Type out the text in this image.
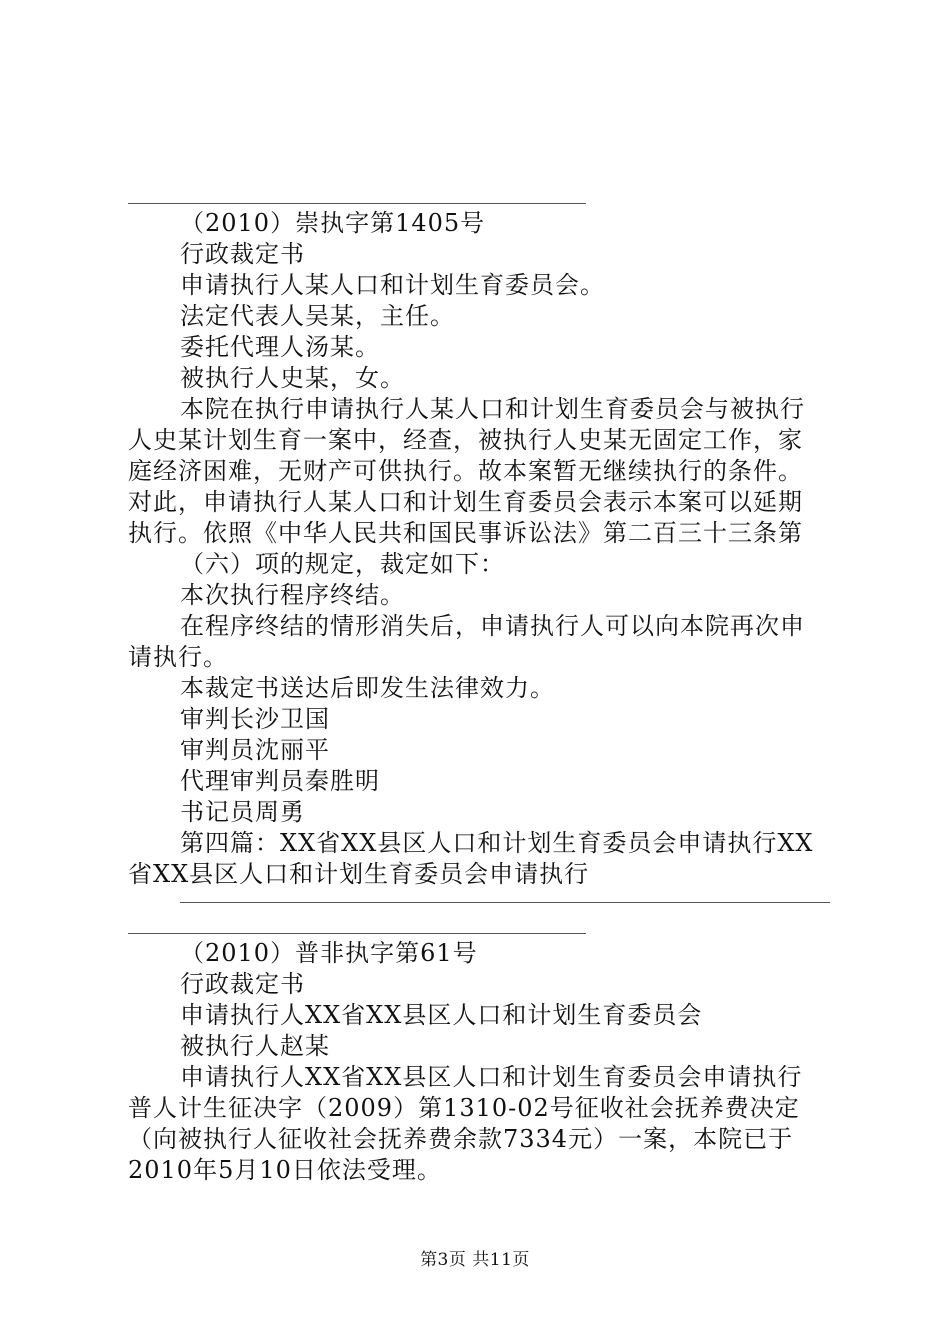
（2010）崇执字第1405号
行政裁定书
申请执行人某人口和计划生育委员会。
法定代表人吴某，主任。
委托代理人汤某。
被执行人史某，女。
本院在执行申请执行人某人口和计划生育委员会与被执行
人史某计划生育一案中，经查，被执行人史某无固定工作，家
庭经济困难，无财产可供执行。故本案暂无继续执行的条件。
对此，申请执行人某人口和计划生育委员会表示本案可以延期
执行。依照《中华人民共和国民事诉讼法》第二百三十三条第
（六）项的规定，裁定如下：
本次执行程序终结。
在程序终结的情形消失后，申请执行人可以向本院再次申
请执行。
本裁定书送达后即发生法律效力。
审判长沙卫国
审判员沈丽平
代理审判员秦胜明
书记员周勇
第四篇：XX省XX县区人口和计划生育委员会申请执行XX
省XX县区人口和计划生育委员会申请执行
（2010）普非执字第61号
行政裁定书
申请执行人XX省XX县区人口和计划生育委员会
被执行人赵某
申请执行人XX省XX县区人口和计划生育委员会申请执行
普人计生征决字（2009）第1310-02号征收社会抚养费决定
（向被执行人征收社会抚养费余款7334元）一案，本院已于
2010年5月10日依法受理。
第3页 共11页
